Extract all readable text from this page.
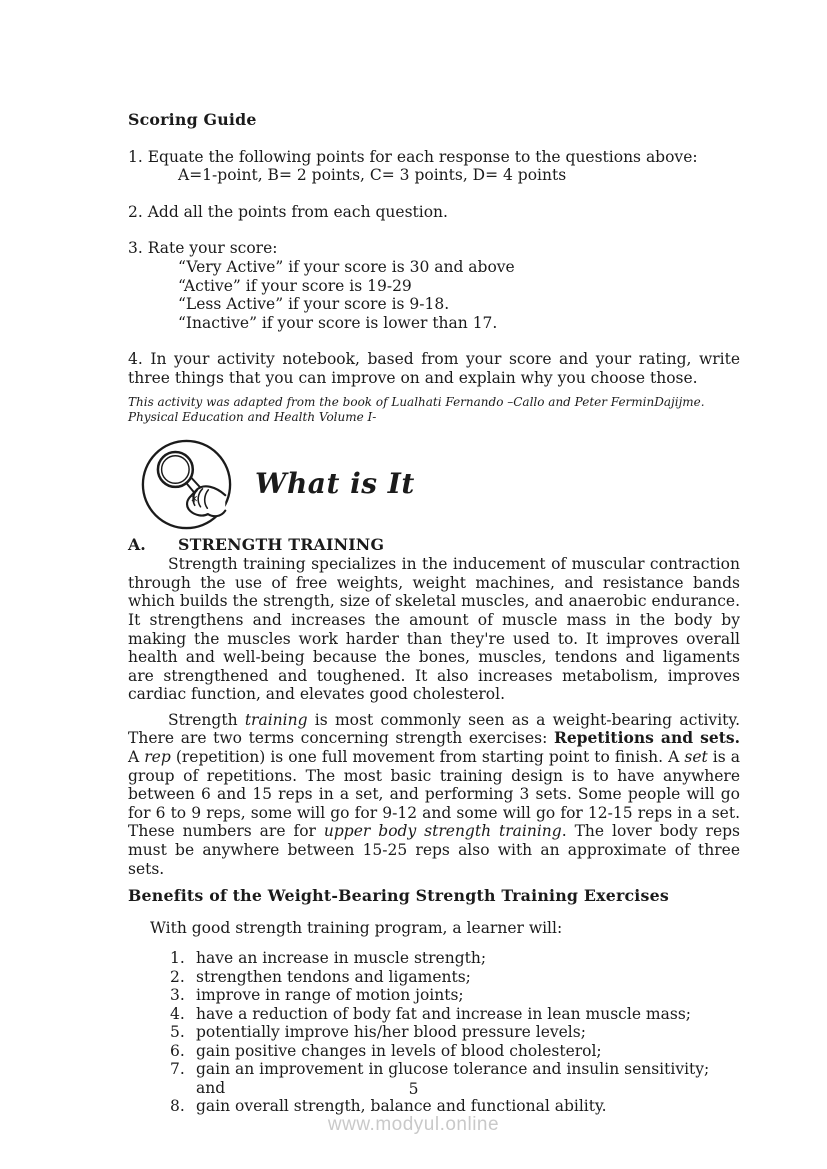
Scoring Guide

1. Equate the following points for each response to the questions above:

A=1-point, B= 2 points, C= 3 points, D= 4 points

2. Add all the points from each question.

3. Rate your score:

“Very Active” if your score is 30 and above

“Active” if your score is 19-29

“Less Active” if your score is 9-18.

“Inactive” if your score is lower than 17.

4. In your activity notebook, based from your score and your rating, write three things that you can improve on and explain why you choose those.

This activity was adapted from the book of Lualhati Fernando –Callo and Peter FerminDajijme. Physical Education and Health Volume I-

What is It
A. STRENGTH TRAINING

Strength training specializes in the inducement of muscular contraction through the use of free weights, weight machines, and resistance bands which builds the strength, size of skeletal muscles, and anaerobic endurance. It strengthens and increases the amount of muscle mass in the body by making the muscles work harder than they're used to. It improves overall health and well-being because the bones, muscles, tendons and ligaments are strengthened and toughened. It also increases metabolism, improves cardiac function, and elevates good cholesterol.

Strength training is most commonly seen as a weight-bearing activity. There are two terms concerning strength exercises: Repetitions and sets. A rep (repetition) is one full movement from starting point to finish. A set is a group of repetitions. The most basic training design is to have anywhere between 6 and 15 reps in a set, and performing 3 sets. Some people will go for 6 to 9 reps, some will go for 9-12 and some will go for 12-15 reps in a set. These numbers are for upper body strength training. The lover body reps must be anywhere between 15-25 reps also with an approximate of three sets.

Benefits of the Weight-Bearing Strength Training Exercises

With good strength training program, a learner will:

1. have an increase in muscle strength;
2. strengthen tendons and ligaments;
3. improve in range of motion joints;
4. have a reduction of body fat and increase in lean muscle mass;
5. potentially improve his/her blood pressure levels;
6. gain positive changes in levels of blood cholesterol;
7. gain an improvement in glucose tolerance and insulin sensitivity; and
8. gain overall strength, balance and functional ability.
5
www.modyul.online
